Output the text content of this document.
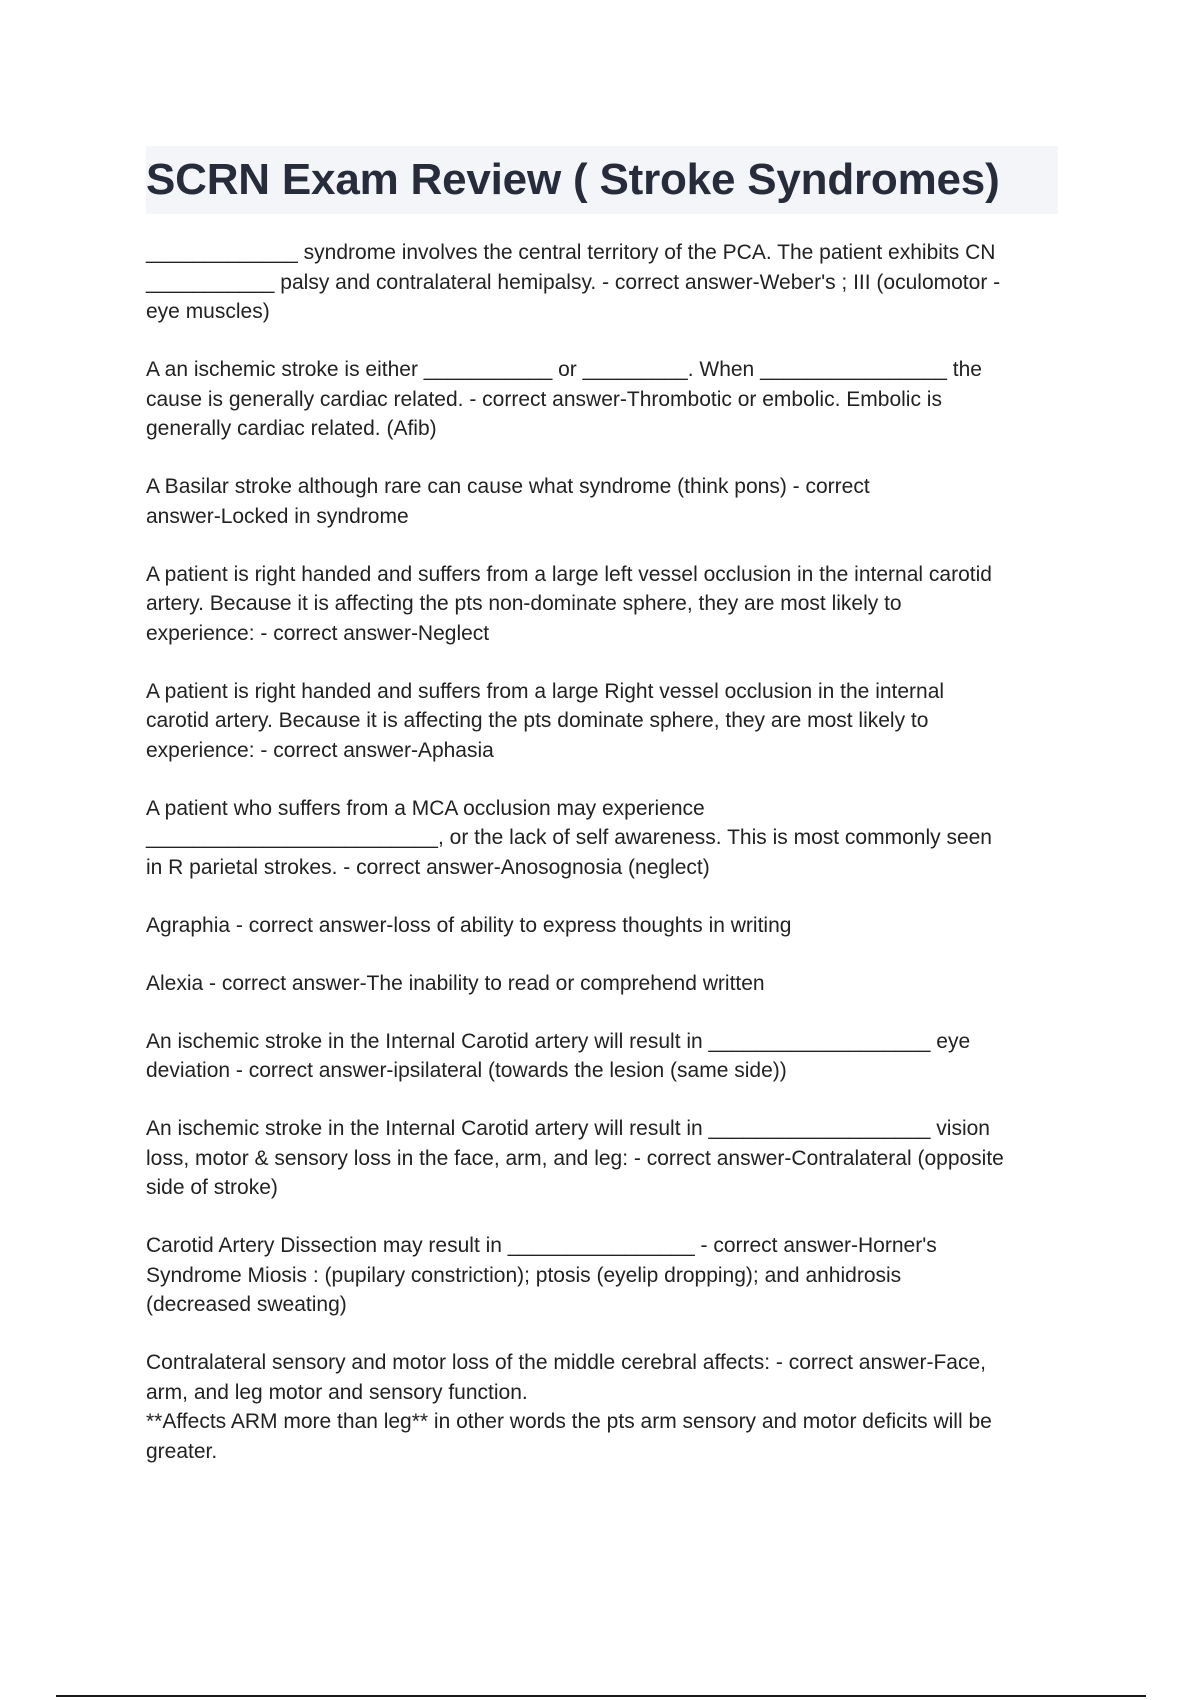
SCRN Exam Review ( Stroke Syndromes)

_____________ syndrome involves the central territory of the PCA. The patient exhibits CN
___________ palsy and contralateral hemipalsy. - correct answer-Weber's ; III (oculomotor -
eye muscles)

A an ischemic stroke is either ___________ or _________. When ________________ the
cause is generally cardiac related. - correct answer-Thrombotic or embolic. Embolic is
generally cardiac related. (Afib)

A Basilar stroke although rare can cause what syndrome (think pons) - correct
answer-Locked in syndrome

A patient is right handed and suffers from a large left vessel occlusion in the internal carotid
artery. Because it is affecting the pts non-dominate sphere, they are most likely to
experience: - correct answer-Neglect

A patient is right handed and suffers from a large Right vessel occlusion in the internal
carotid artery. Because it is affecting the pts dominate sphere, they are most likely to
experience: - correct answer-Aphasia

A patient who suffers from a MCA occlusion may experience
_________________________, or the lack of self awareness. This is most commonly seen
in R parietal strokes. - correct answer-Anosognosia (neglect)

Agraphia - correct answer-loss of ability to express thoughts in writing

Alexia - correct answer-The inability to read or comprehend written

An ischemic stroke in the Internal Carotid artery will result in ___________________ eye
deviation - correct answer-ipsilateral (towards the lesion (same side))

An ischemic stroke in the Internal Carotid artery will result in ___________________ vision
loss, motor & sensory loss in the face, arm, and leg: - correct answer-Contralateral (opposite
side of stroke)

Carotid Artery Dissection may result in ________________ - correct answer-Horner's
Syndrome Miosis : (pupilary constriction); ptosis (eyelip dropping); and anhidrosis
(decreased sweating)

Contralateral sensory and motor loss of the middle cerebral affects: - correct answer-Face,
arm, and leg motor and sensory function.
**Affects ARM more than leg** in other words the pts arm sensory and motor deficits will be
greater.
